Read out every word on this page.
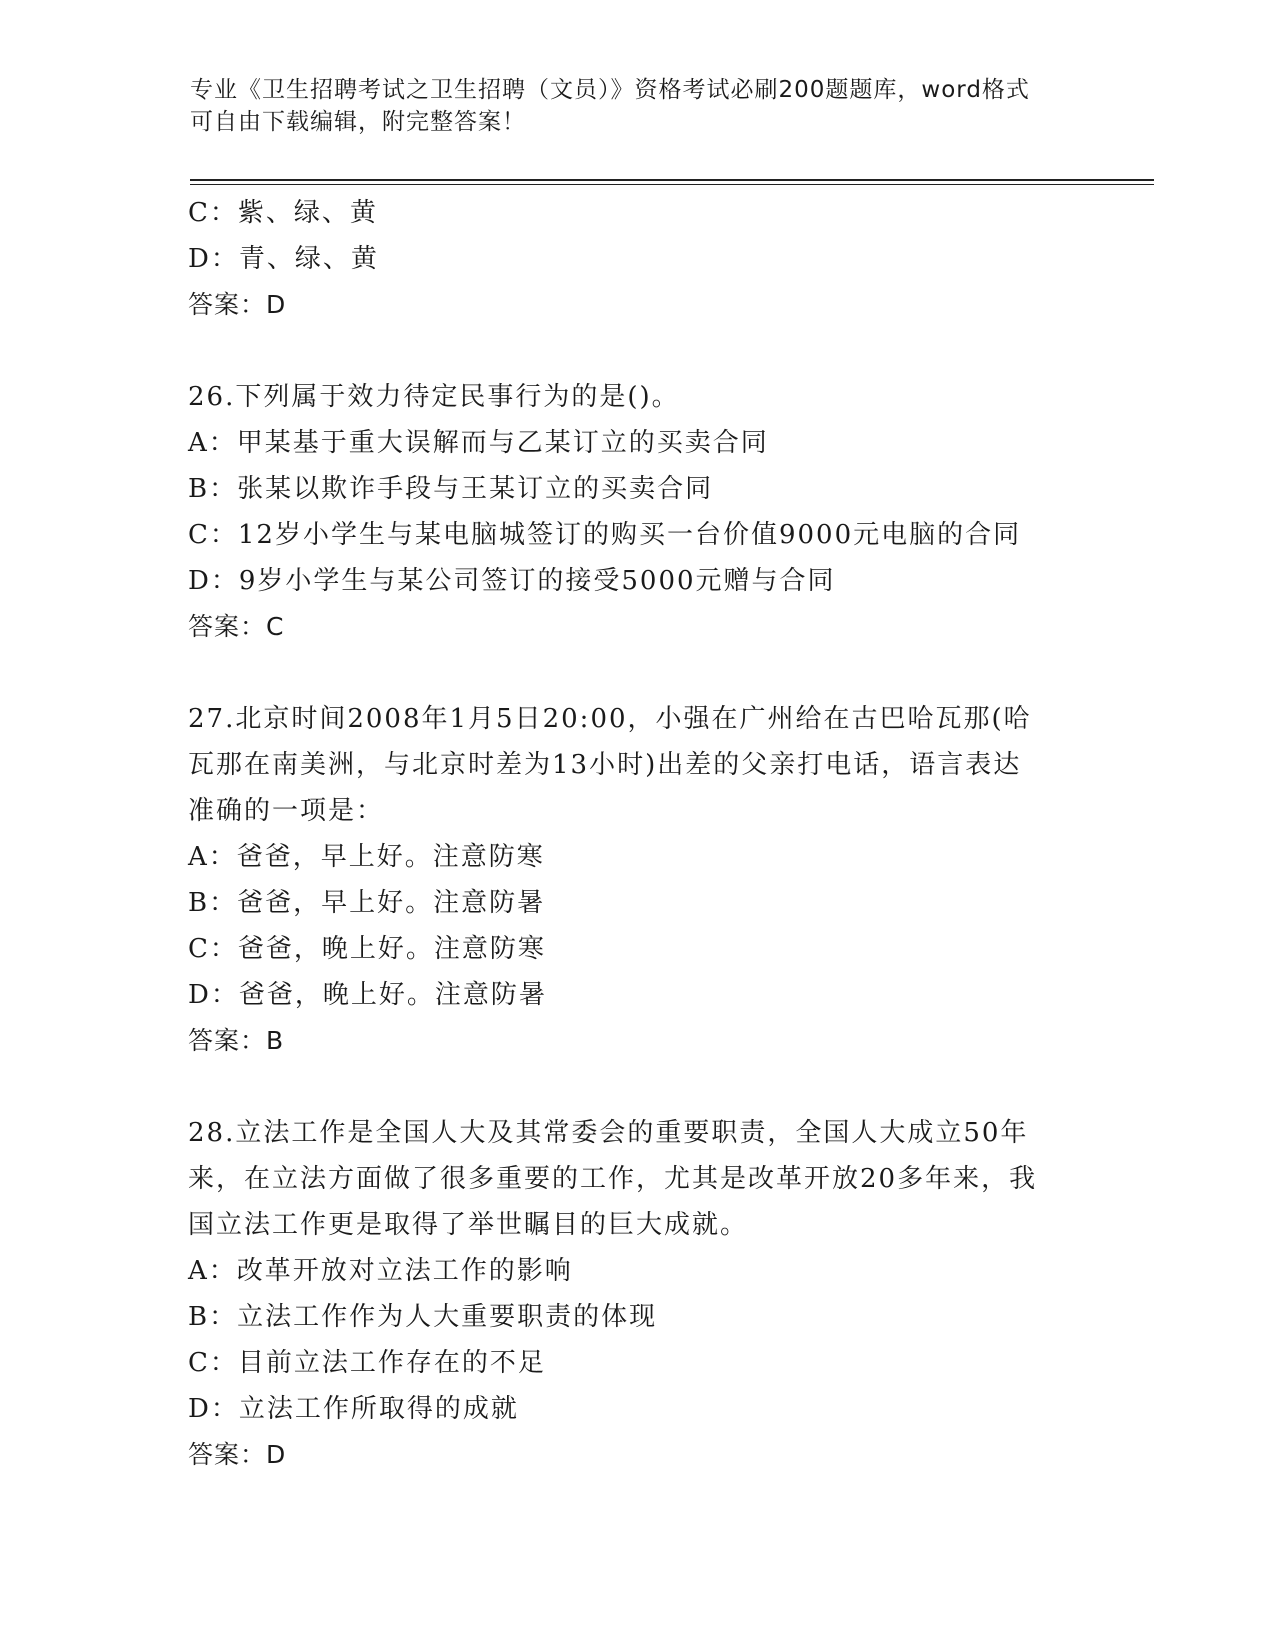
专业《卫生招聘考试之卫生招聘（文员）》资格考试必刷200题题库，word格式
可自由下载编辑，附完整答案！
C：紫、绿、黄
D：青、绿、黄
答案：D
26.下列属于效力待定民事行为的是()。
A：甲某基于重大误解而与乙某订立的买卖合同
B：张某以欺诈手段与王某订立的买卖合同
C：12岁小学生与某电脑城签订的购买一台价值9000元电脑的合同
D：9岁小学生与某公司签订的接受5000元赠与合同
答案：C
27.北京时间2008年1月5日20:00，小强在广州给在古巴哈瓦那(哈
瓦那在南美洲，与北京时差为13小时)出差的父亲打电话，语言表达
准确的一项是：
A：爸爸，早上好。注意防寒
B：爸爸，早上好。注意防暑
C：爸爸，晚上好。注意防寒
D：爸爸，晚上好。注意防暑
答案：B
28.立法工作是全国人大及其常委会的重要职责，全国人大成立50年
来，在立法方面做了很多重要的工作，尤其是改革开放20多年来，我
国立法工作更是取得了举世瞩目的巨大成就。
A：改革开放对立法工作的影响
B：立法工作作为人大重要职责的体现
C：目前立法工作存在的不足
D：立法工作所取得的成就
答案：D
